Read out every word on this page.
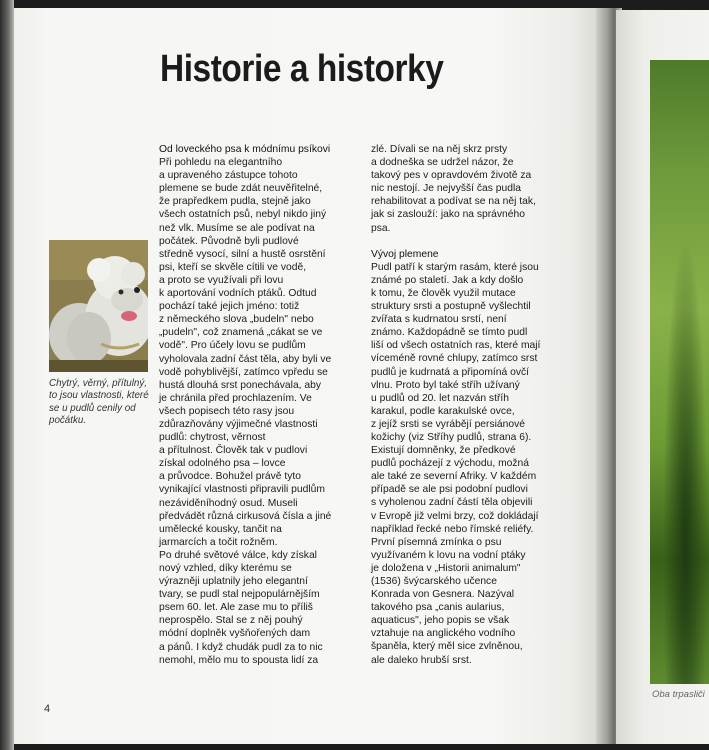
Oba trpasliči
Historie a historky
Chytrý, věrný, přítulný, to jsou vlastnosti, které se u pudlů cenily od počátku.
Od loveckého psa k módnímu psíkovi
Při pohledu na elegantního
a upraveného zástupce tohoto
plemene se bude zdát neuvěřitelné,
že prapředkem pudla, stejně jako
všech ostatních psů, nebyl nikdo jiný
než vlk. Musíme se ale podívat na
počátek. Původně byli pudlové
středně vysocí, silní a hustě osrstění
psi, kteří se skvěle cítili ve vodě,
a proto se využívali při lovu
k aportování vodních ptáků. Odtud
pochází také jejich jméno: totiž
z německého slova „budeln" nebo
„pudeln", což znamená „cákat se ve
vodě". Pro účely lovu se pudlům
vyholovala zadní část těla, aby byli ve
vodě pohyblivější, zatímco vpředu se
hustá dlouhá srst ponechávala, aby
je chránila před prochlazením. Ve
všech popisech této rasy jsou
zdůrazňovány výjimečné vlastnosti
pudlů: chytrost, věrnost
a přítulnost. Člověk tak v pudlovi
získal odolného psa – lovce
a průvodce. Bohužel právě tyto
vynikající vlastnosti připravili pudlům
nezáviděníhodný osud. Museli
předvádět různá cirkusová čísla a jiné
umělecké kousky, tančit na
jarmarcích a točit rožněm.
Po druhé světové válce, kdy získal
nový vzhled, díky kterému se
výrazněji uplatnily jeho elegantní
tvary, se pudl stal nejpopulárnějším
psem 60. let. Ale zase mu to příliš
neprospělo. Stal se z něj pouhý
módní doplněk vyšňořených dam
a pánů. I když chudák pudl za to nic
nemohl, mělo mu to spousta lidí za
zlé. Dívali se na něj skrz prsty
a dodneška se udržel názor, že
takový pes v opravdovém životě za
nic nestojí. Je nejvyšší čas pudla
rehabilitovat a podívat se na něj tak,
jak si zaslouží: jako na správného
psa.
Vývoj plemene
Pudl patří k starým rasám, které jsou
známé po staletí. Jak a kdy došlo
k tomu, že člověk využil mutace
struktury srsti a postupně vyšlechtil
zvířata s kudrnatou srstí, není
známo. Každopádně se tímto pudl
liší od všech ostatních ras, které mají
víceméně rovné chlupy, zatímco srst
pudlů je kudrnatá a připomíná ovčí
vlnu. Proto byl také stříh užívaný
u pudlů od 20. let nazván stříh
karakul, podle karakulské ovce,
z jejíž srsti se vyrábějí persiánové
kožichy (viz Stříhy pudlů, strana 6).
Existují domněnky, že předkové
pudlů pocházejí z východu, možná
ale také ze severní Afriky. V každém
případě se ale psi podobní pudlovi
s vyholenou zadní částí těla objevili
v Evropě již velmi brzy, což dokládají
například řecké nebo římské reliéfy.
První písemná zmínka o psu
využívaném k lovu na vodní ptáky
je doložena v „Historii animalum"
(1536) švýcarského učence
Konrada von Gesnera. Nazýval
takového psa „canis aularius,
aquaticus", jeho popis se však
vztahuje na anglického vodního
španěla, který měl sice zvlněnou,
ale daleko hrubší srst.
4
